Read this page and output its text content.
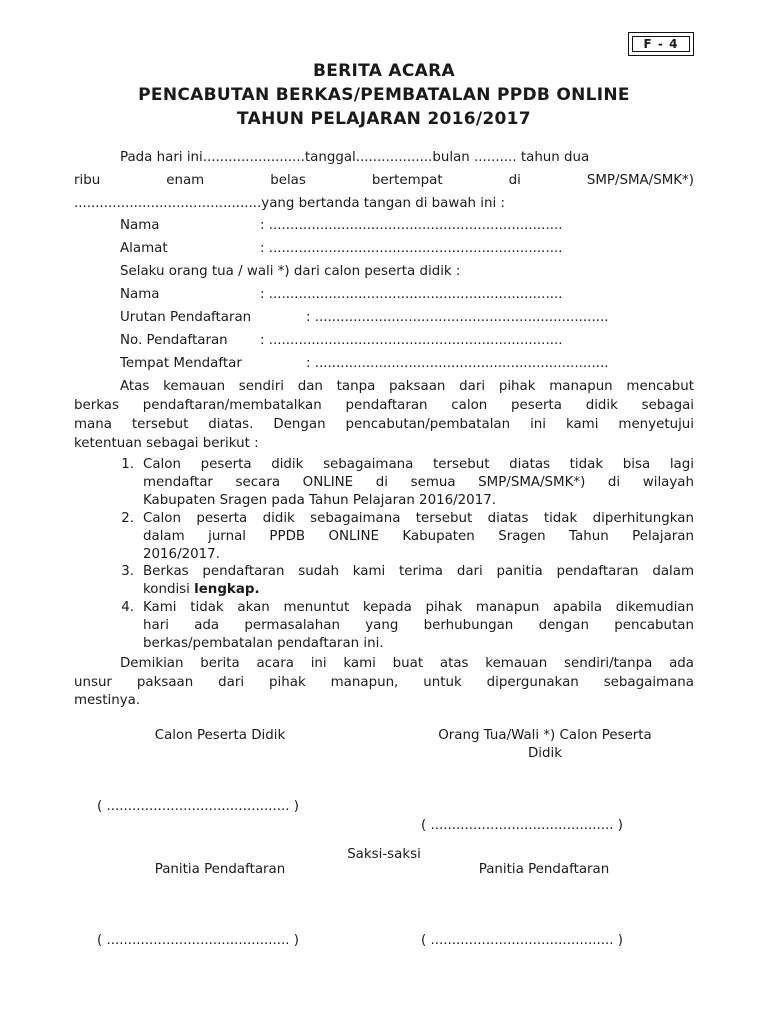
F - 4
BERITA ACARA
PENCABUTAN BERKAS/PEMBATALAN PPDB ONLINE
TAHUN PELAJARAN 2016/2017
Pada hari ini........................tanggal..................bulan .......... tahun dua
ribu	enam	belas	bertempat	di	SMP/SMA/SMK*)
............................................yang bertanda tangan di bawah ini :
Nama	: .....................................................................
Alamat	: .....................................................................
Selaku orang tua / wali *) dari calon peserta didik :
Nama	: .....................................................................
Urutan Pendaftaran	: .....................................................................
No. Pendaftaran : .....................................................................
Tempat Mendaftar	: .....................................................................
Atas kemauan sendiri dan tanpa paksaan dari pihak manapun mencabut
berkas pendaftaran/membatalkan pendaftaran calon peserta didik sebagai
mana tersebut diatas. Dengan pencabutan/pembatalan ini kami menyetujui
ketentuan sebagai berikut :
1. Calon peserta didik sebagaimana tersebut diatas tidak bisa lagi
mendaftar secara ONLINE di semua SMP/SMA/SMK*) di wilayah
Kabupaten Sragen pada Tahun Pelajaran 2016/2017.
2. Calon peserta didik sebagaimana tersebut diatas tidak diperhitungkan
dalam jurnal PPDB ONLINE Kabupaten Sragen Tahun Pelajaran
2016/2017.
3. Berkas pendaftaran sudah kami terima dari panitia pendaftaran dalam
kondisi lengkap.
4. Kami tidak akan menuntut kepada pihak manapun apabila dikemudian
hari ada permasalahan yang berhubungan dengan pencabutan
berkas/pembatalan pendaftaran ini.
Demikian berita acara ini kami buat atas kemauan sendiri/tanpa ada
unsur paksaan dari pihak manapun, untuk dipergunakan sebagaimana
mestinya.
Calon Peserta Didik	Orang Tua/Wali *) Calon Peserta
Didik
( ........................................... )
( ........................................... )
Saksi-saksi
Panitia Pendaftaran	Panitia Pendaftaran
( ........................................... )	( ........................................... )
